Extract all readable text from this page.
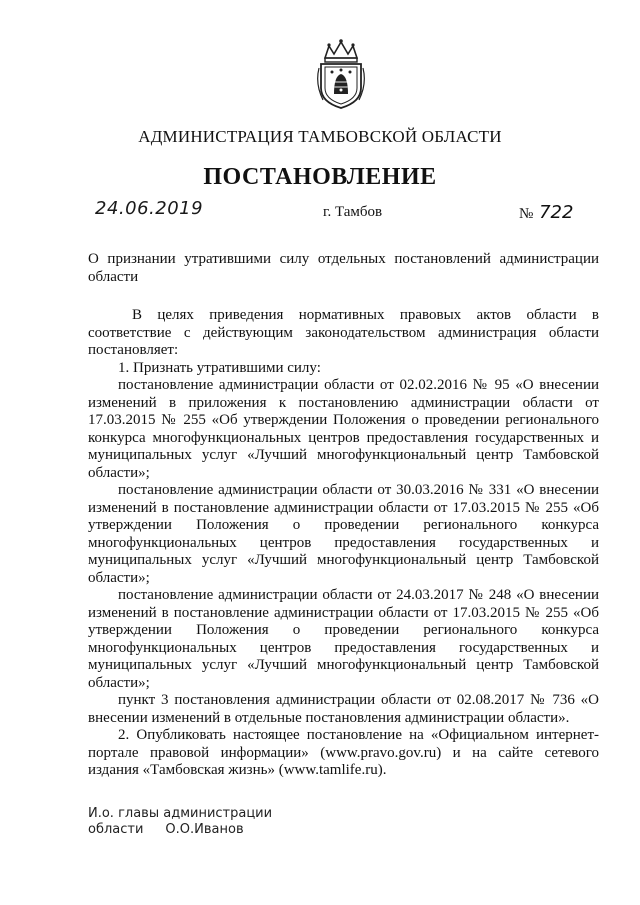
АДМИНИСТРАЦИЯ ТАМБОВСКОЙ ОБЛАСТИ
ПОСТАНОВЛЕНИЕ
24.06.2019	г. Тамбов	№ 722
О признании утратившими силу отдельных постановлений администрации области

В целях приведения нормативных правовых актов области в соответствие с действующим законодательством администрация области постановляет:

1. Признать утратившими силу:

постановление администрации области от 02.02.2016 № 95 «О внесении изменений в приложения к постановлению администрации области от 17.03.2015 № 255 «Об утверждении Положения о проведении регионального конкурса многофункциональных центров предоставления государственных и муниципальных услуг «Лучший многофункциональный центр Тамбовской области»;

постановление администрации области от 30.03.2016 № 331 «О внесении изменений в постановление администрации области от 17.03.2015 № 255 «Об утверждении Положения о проведении регионального конкурса многофункциональных центров предоставления государственных и муниципальных услуг «Лучший многофункциональный центр Тамбовской области»;

постановление администрации области от 24.03.2017 № 248 «О внесении изменений в постановление администрации области от 17.03.2015 № 255 «Об утверждении Положения о проведении регионального конкурса многофункциональных центров предоставления государственных и муниципальных услуг «Лучший многофункциональный центр Тамбовской области»;

пункт 3 постановления администрации области от 02.08.2017 № 736 «О внесении изменений в отдельные постановления администрации области».

2. Опубликовать настоящее постановление на «Официальном интернет-портале правовой информации» (www.pravo.gov.ru) и на сайте сетевого издания «Тамбовская жизнь» (www.tamlife.ru).

И.о. главы администрации
области О.О.Иванов
